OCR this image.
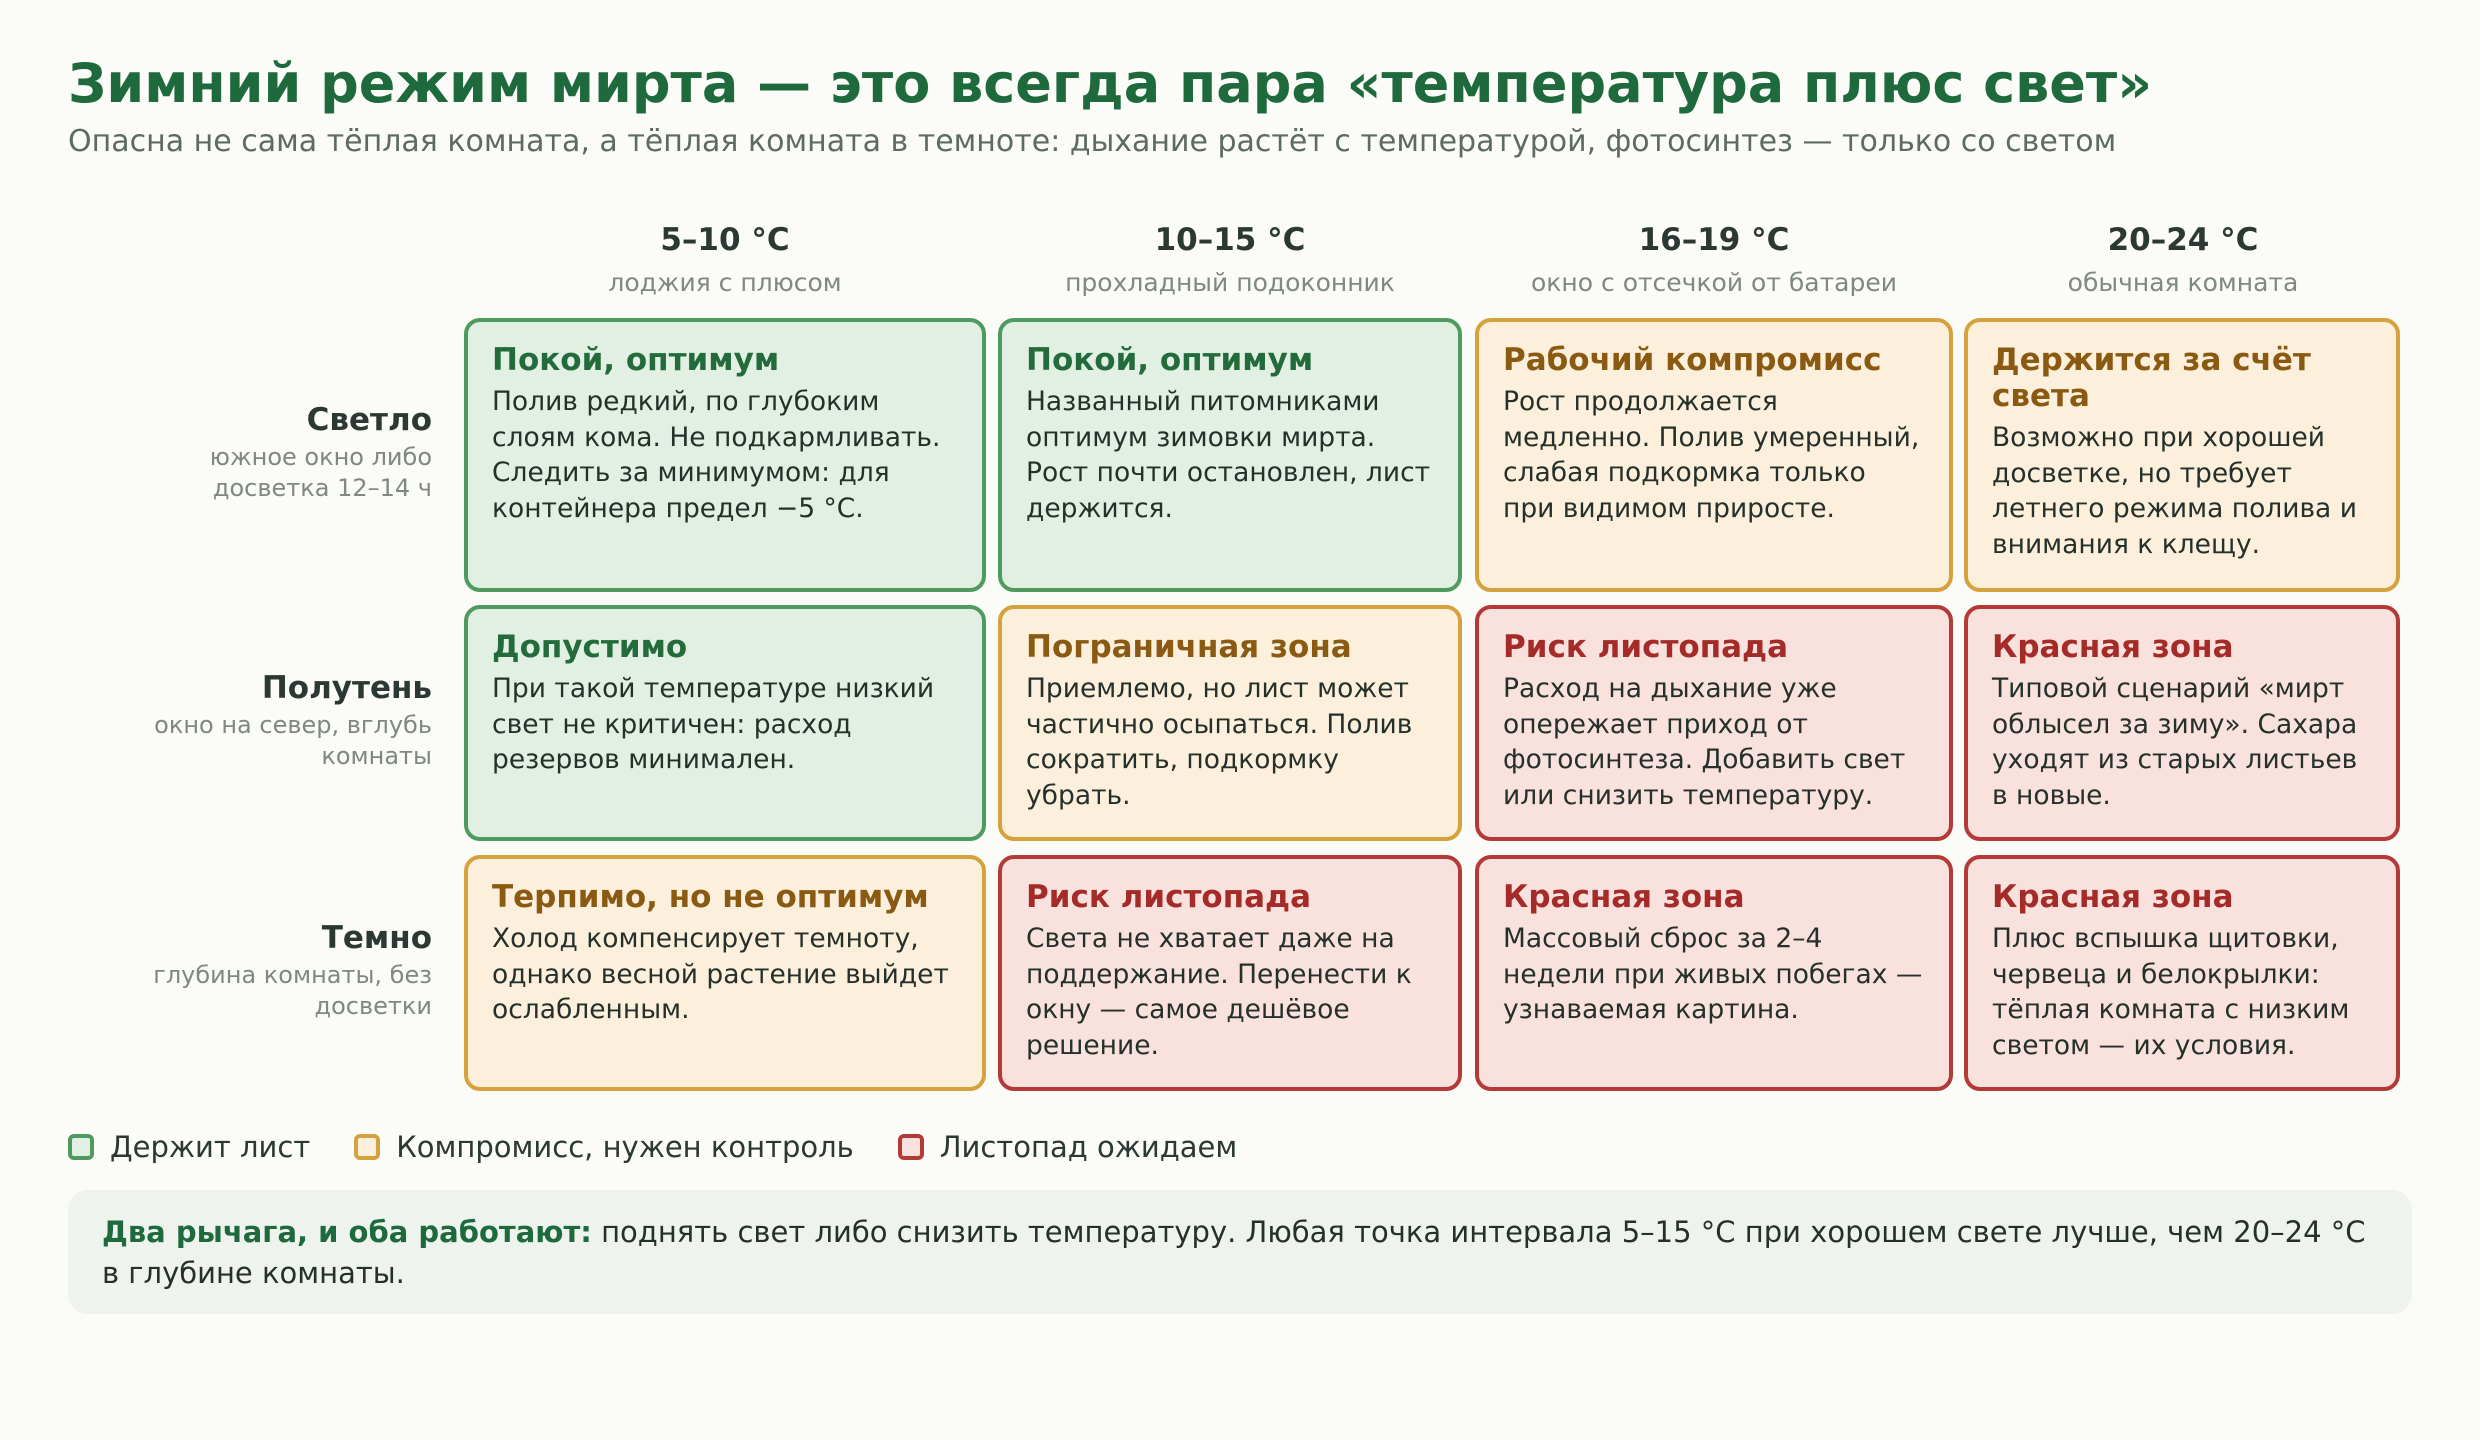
Зимний режим мирта — это всегда пара «температура плюс свет»
Опасна не сама тёплая комната, а тёплая комната в темноте: дыхание растёт с температурой, фотосинтез — только со светом
5–10 °C
лоджия с плюсом
10–15 °C
прохладный подоконник
16–19 °C
окно с отсечкой от батареи
20–24 °C
обычная комната
Светло
южное окно либо досветка 12–14 ч
Полутень
окно на север, вглубь комнаты
Темно
глубина комнаты, без досветки
Покой, оптимум
Полив редкий, по глубоким слоям кома. Не подкармливать. Следить за минимумом: для контейнера предел −5 °C.
Покой, оптимум
Названный питомниками оптимум зимовки мирта. Рост почти остановлен, лист держится.
Рабочий компромисс
Рост продолжается медленно. Полив умеренный, слабая подкормка только при видимом приросте.
Держится за счёт света
Возможно при хорошей досветке, но требует летнего режима полива и внимания к клещу.
Допустимо
При такой температуре низкий свет не критичен: расход резервов минимален.
Пограничная зона
Приемлемо, но лист может частично осыпаться. Полив сократить, подкормку убрать.
Риск листопада
Расход на дыхание уже опережает приход от фотосинтеза. Добавить свет или снизить температуру.
Красная зона
Типовой сценарий «мирт облысел за зиму». Сахара уходят из старых листьев в новые.
Терпимо, но не оптимум
Холод компенсирует темноту, однако весной растение выйдет ослабленным.
Риск листопада
Света не хватает даже на поддержание. Перенести к окну — самое дешёвое решение.
Красная зона
Массовый сброс за 2–4 недели при живых побегах — узнаваемая картина.
Красная зона
Плюс вспышка щитовки, червеца и белокрылки: тёплая комната с низким светом — их условия.
Держит лист	Компромисс, нужен контроль	Листопад ожидаем
Два рычага, и оба работают: поднять свет либо снизить температуру. Любая точка интервала 5–15 °C при хорошем свете лучше, чем 20–24 °C в глубине комнаты.
